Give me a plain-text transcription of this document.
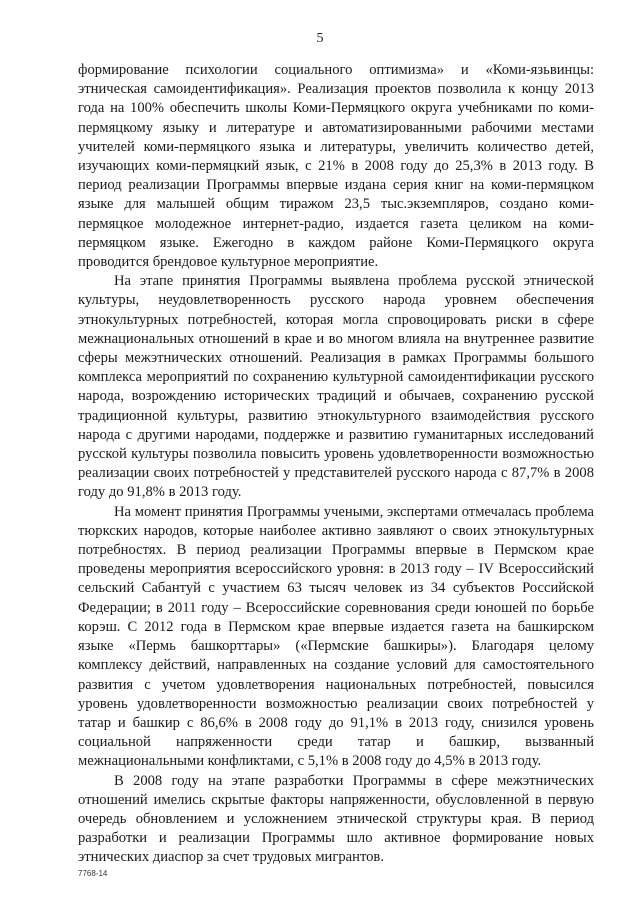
5

формирование психологии социального оптимизма» и «Коми-язьвинцы: этническая самоидентификация». Реализация проектов позволила к концу 2013 года на 100% обеспечить школы Коми-Пермяцкого округа учебниками по коми-пермяцкому языку и литературе и автоматизированными рабочими местами учителей коми-пермяцкого языка и литературы, увеличить количество детей, изучающих коми-пермяцкий язык, с 21% в 2008 году до 25,3% в 2013 году. В период реализации Программы впервые издана серия книг на коми-пермяцком языке для малышей общим тиражом 23,5 тыс.экземпляров, создано коми-пермяцкое молодежное интернет-радио, издается газета целиком на коми-пермяцком языке. Ежегодно в каждом районе Коми-Пермяцкого округа проводится брендовое культурное мероприятие.

На этапе принятия Программы выявлена проблема русской этнической культуры, неудовлетворенность русского народа уровнем обеспечения этнокультурных потребностей, которая могла спровоцировать риски в сфере межнациональных отношений в крае и во многом влияла на внутреннее развитие сферы межэтнических отношений. Реализация в рамках Программы большого комплекса мероприятий по сохранению культурной самоидентификации русского народа, возрождению исторических традиций и обычаев, сохранению русской традиционной культуры, развитию этнокультурного взаимодействия русского народа с другими народами, поддержке и развитию гуманитарных исследований русской культуры позволила повысить уровень удовлетворенности возможностью реализации своих потребностей у представителей русского народа с 87,7% в 2008 году до 91,8% в 2013 году.

На момент принятия Программы учеными, экспертами отмечалась проблема тюркских народов, которые наиболее активно заявляют о своих этнокультурных потребностях. В период реализации Программы впервые в Пермском крае проведены мероприятия всероссийского уровня: в 2013 году – IV Всероссийский сельский Сабантуй с участием 63 тысяч человек из 34 субъектов Российской Федерации; в 2011 году – Всероссийские соревнования среди юношей по борьбе корэш. С 2012 года в Пермском крае впервые издается газета на башкирском языке «Пермь башкорттары» («Пермские башкиры»). Благодаря целому комплексу действий, направленных на создание условий для самостоятельного развития с учетом удовлетворения национальных потребностей, повысился уровень удовлетворенности возможностью реализации своих потребностей у татар и башкир с 86,6% в 2008 году до 91,1% в 2013 году, снизился уровень социальной напряженности среди татар и башкир, вызванный межнациональными конфликтами, с 5,1% в 2008 году до 4,5% в 2013 году.

В 2008 году на этапе разработки Программы в сфере межэтнических отношений имелись скрытые факторы напряженности, обусловленной в первую очередь обновлением и усложнением этнической структуры края. В период разработки и реализации Программы шло активное формирование новых этнических диаспор за счет трудовых мигрантов.

7768-14
